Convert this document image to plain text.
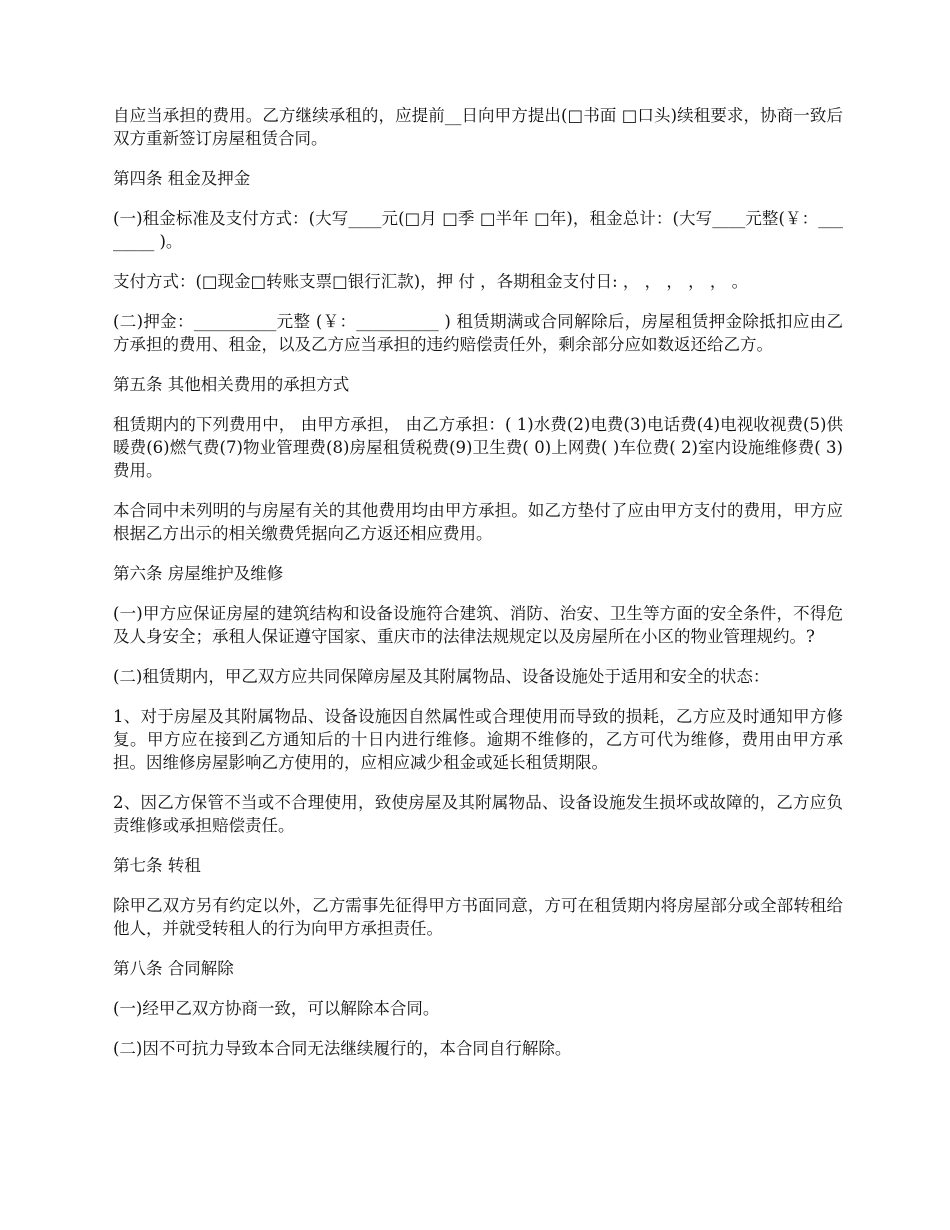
自应当承担的费用。乙方继续承租的，应提前__日向甲方提出(□书面 □口头)续租要求，协商一致后双方重新签订房屋租赁合同。

第四条 租金及押金

(一)租金标准及支付方式：(大写____元(□月 □季 □半年 □年)，租金总计：(大写____元整(￥：________ )。

支付方式：(□现金□转账支票□银行汇款)，押 付 ，各期租金支付日: ， ， ， ， ， 。

(二)押金：__________元整 (￥：__________ ) 租赁期满或合同解除后，房屋租赁押金除抵扣应由乙方承担的费用、租金，以及乙方应当承担的违约赔偿责任外，剩余部分应如数返还给乙方。

第五条 其他相关费用的承担方式

租赁期内的下列费用中， 由甲方承担， 由乙方承担：( 1)水费(2)电费(3)电话费(4)电视收视费(5)供暖费(6)燃气费(7)物业管理费(8)房屋租赁税费(9)卫生费( 0)上网费( )车位费( 2)室内设施维修费( 3) 费用。

本合同中未列明的与房屋有关的其他费用均由甲方承担。如乙方垫付了应由甲方支付的费用，甲方应根据乙方出示的相关缴费凭据向乙方返还相应费用。

第六条 房屋维护及维修

(一)甲方应保证房屋的建筑结构和设备设施符合建筑、消防、治安、卫生等方面的安全条件，不得危及人身安全；承租人保证遵守国家、重庆市的法律法规规定以及房屋所在小区的物业管理规约。?

(二)租赁期内，甲乙双方应共同保障房屋及其附属物品、设备设施处于适用和安全的状态：

1、对于房屋及其附属物品、设备设施因自然属性或合理使用而导致的损耗，乙方应及时通知甲方修复。甲方应在接到乙方通知后的十日内进行维修。逾期不维修的，乙方可代为维修，费用由甲方承担。因维修房屋影响乙方使用的，应相应减少租金或延长租赁期限。

2、因乙方保管不当或不合理使用，致使房屋及其附属物品、设备设施发生损坏或故障的，乙方应负责维修或承担赔偿责任。

第七条 转租

除甲乙双方另有约定以外，乙方需事先征得甲方书面同意，方可在租赁期内将房屋部分或全部转租给他人，并就受转租人的行为向甲方承担责任。

第八条 合同解除

(一)经甲乙双方协商一致，可以解除本合同。

(二)因不可抗力导致本合同无法继续履行的，本合同自行解除。
